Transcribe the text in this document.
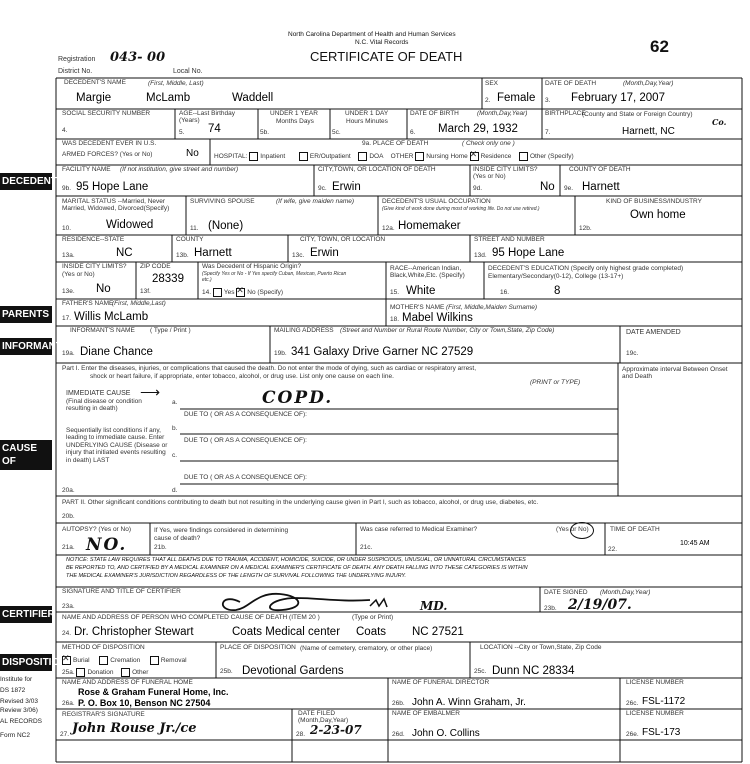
North Carolina Department of Health and Human Services
N.C. Vital Records
CERTIFICATE OF DEATH
62
Registration 043- 00
District No.	Local No.
DECEDENT
PARENTS
INFORMANT
CAUSE OF DEATH
CERTIFIER
DISPOSITION
Institute for
DS 1872
Revised 3/03
Review 3/06)
AL RECORDS
Form NC2
DECEDENT'S NAME	(First, Middle, Last)
Margie	McLamb	Waddell
SEX
2. Female
DATE OF DEATH	(Month,Day,Year)
3. February 17, 2007
SOCIAL SECURITY NUMBER
4.
AGE--Last Birthday
(Years)
5. 74
UNDER 1 YEAR
Months Days
5b.
UNDER 1 DAY
Hours Minutes
5c.
DATE OF BIRTH	(Month,Day,Year)
6. March 29, 1932
BIRTHPLACE
(County and State or Foreign Country)
Co.
7.	Harnett, NC
WAS DECEDENT EVER IN U.S.
ARMED FORCES? (Yes or No)	No
9a. PLACE OF DEATH	( Check only one )
HOSPITAL: Inpatient	ER/Outpatient	DOA OTHER Nursing Home ✕ Residence	Other (Specify)
FACILITY NAME (If not institution, give street and number)
9b. 95 Hope Lane
CITY,TOWN, OR LOCATION OF DEATH
9c. Erwin
INSIDE CITY LIMITS?
(Yes or No)
9d.	No
COUNTY OF DEATH
9e. Harnett
MARITAL STATUS --Married, Never Married, Widowed, Divorced(Specify)
10.	Widowed
SURVIVING SPOUSE	(If wife, give maiden name)
11. (None)
DECEDENT'S USUAL OCCUPATION
(Give kind of work done during most of working life. Do not use retired.)
12a. Homemaker
KIND OF BUSINESS/INDUSTRY
12b.
Own home
RESIDENCE--STATE
13a.	NC
COUNTY
13b. Harnett
CITY, TOWN, OR LOCATION
13c. Erwin
STREET AND NUMBER
13d. 95 Hope Lane
INSIDE CITY LIMITS?
(Yes or No)
13e. No
ZIP CODE
13f.
28339
Was Decedent of Hispanic Origin?
(Specify Yes or No - If Yes specify Cuban, Mexican, Puerto Rican etc.)
14. Yes ✕ No (Specify)
RACE--American Indian, Black,White,Etc. (Specify)
15. White
DECEDENT'S EDUCATION (Specify only highest grade completed) Elementary/Secondary(0-12), College (13-17+)
16.	8
FATHER'S NAME
(First, Middle,Last)
17. Willis McLamb
MOTHER'S NAME (First, Middle,Maiden Surname)
18. Mabel Wilkins
INFORMANT'S NAME ( Type / Print )
19a. Diane Chance
MAILING ADDRESS (Street and Number or Rural Route Number, City or Town,State, Zip Code)
19b. 341 Galaxy Drive Garner NC 27529
DATE AMENDED
19c.
Part I. Enter the diseases, injuries, or complications that caused the death. Do not enter the mode of dying, such as cardiac or respiratory arrest,
shock or heart failure, if appropriate, enter tobacco, alcohol, or drug use. List only one cause on each line.
(PRINT or TYPE)
Approximate interval Between Onset and Death
IMMEDIATE CAUSE ⟶
(Final disease or condition resulting in death)
a.	COPD.
DUE TO ( OR AS A CONSEQUENCE OF):
Sequentially list conditions if any, leading to immediate cause. Enter UNDERLYING CAUSE (Disease or injury that initiated events resulting in death) LAST
b.
DUE TO ( OR AS A CONSEQUENCE OF):
c.
DUE TO ( OR AS A CONSEQUENCE OF):
d.
20a.
PART II. Other significant conditions contributing to death but not resulting in the underlying cause given in Part I, such as tobacco, alcohol, or drug use, diabetes, etc.
20b.
AUTOPSY? (Yes or No)
21a. NO.
If Yes, were findings considered in determining cause of death?
21b.
Was case referred to Medical Examiner?	(Yes or No)
21c.
TIME OF DEATH
22.
10:45 AM
NOTICE: STATE LAW REQUIRES THAT ALL DEATHS DUE TO TRAUMA, ACCIDENT, HOMICIDE, SUICIDE, OR UNDER SUSPICIOUS, UNUSUAL, OR UNNATURAL CIRCUMSTANCES
BE REPORTED TO, AND CERTIFIED BY A MEDICAL EXAMINER ON A MEDICAL EXAMINER'S CERTIFICATE OF DEATH. ANY DEATH FALLING INTO THESE CATEGORIES IS WITHIN
THE MEDICAL EXAMINER'S JURISDICTION REGARDLESS OF THE LENGTH OF SURVIVAL FOLLOWING THE UNDERLYING INJURY.
SIGNATURE AND TITLE OF CERTIFIER
23a.	MD.
DATE SIGNED (Month,Day,Year)
23b. 2/19/07.
NAME AND ADDRESS OF PERSON WHO COMPLETED CAUSE OF DEATH (ITEM 20 )	(Type or Print)
24. Dr. Christopher Stewart	Coats Medical center Coats NC 27521
METHOD OF DISPOSITION
✕Burial	Cremation	Removal
25a. Donation	Other
PLACE OF DISPOSITION (Name of cemetery, crematory, or other place)
25b. Devotional Gardens
LOCATION --City or Town,State, Zip Code
25c. Dunn NC 28334
NAME AND ADDRESS OF FUNERAL HOME
Rose & Graham Funeral Home, Inc.
26a. P. O. Box 10, Benson NC 27504
NAME OF FUNERAL DIRECTOR
26b. John A. Winn Graham, Jr.
LICENSE NUMBER
26c. FSL-1172
REGISTRAR'S SIGNATURE
27. John Rouse Jr./ce
DATE FILED
(Month,Day,Year)
28. 2-23-07
NAME OF EMBALMER
26d. John O. Collins
LICENSE NUMBER
26e. FSL-173
